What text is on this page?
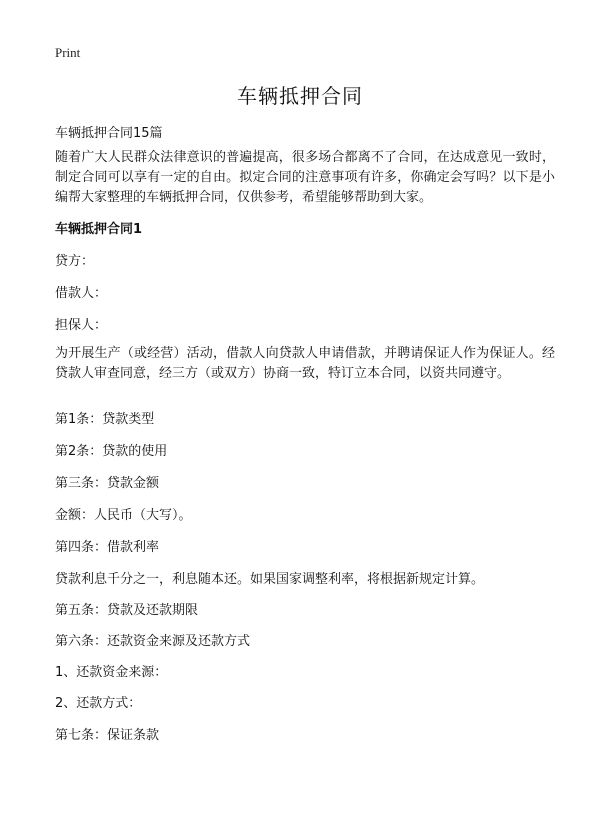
Print
车辆抵押合同

车辆抵押合同15篇

随着广大人民群众法律意识的普遍提高，很多场合都离不了合同，在达成意见一致时，制定合同可以享有一定的自由。拟定合同的注意事项有许多，你确定会写吗？以下是小编帮大家整理的车辆抵押合同，仅供参考，希望能够帮助到大家。

车辆抵押合同1

贷方：

借款人：

担保人：

为开展生产（或经营）活动，借款人向贷款人申请借款，并聘请保证人作为保证人。经贷款人审查同意，经三方（或双方）协商一致，特订立本合同，以资共同遵守。

第1条：贷款类型

第2条：贷款的使用

第三条：贷款金额

金额：人民币（大写）。

第四条：借款利率

贷款利息千分之一，利息随本还。如果国家调整利率，将根据新规定计算。

第五条：贷款及还款期限

第六条：还款资金来源及还款方式

1、还款资金来源：

2、还款方式：

第七条：保证条款
